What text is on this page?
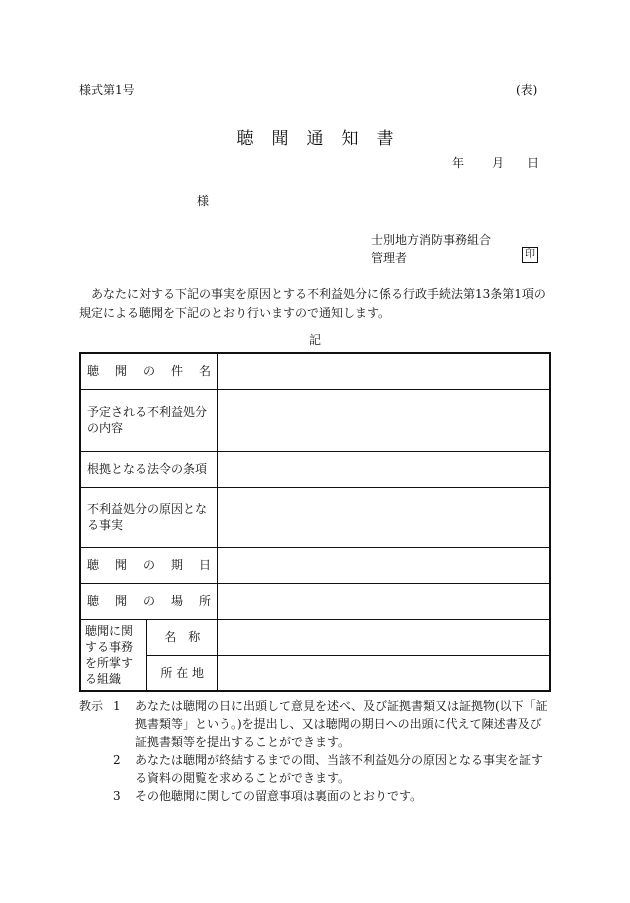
様式第1号	(表)
聴聞通知書
年 月 日
様
士別地方消防事務組合
管理者	印
あなたに対する下記の事実を原因とする不利益処分に係る行政手続法第13条第1項の規定による聴聞を下記のとおり行いますので通知します。
記
聴 聞 の 件 名		

予定される不利益処分の内容		
根拠となる法令の条項		
不利益処分の原因となる事実		

聴 聞 の 期 日		

聴 聞 の 場 所		

聴聞に関する事務を所掌する組織	名　称	
	所 在 地	
教示 1	あなたは聴聞の日に出頭して意見を述べ、及び証拠書類又は証拠物(以下「証拠書類等」という。)を提出し、又は聴聞の期日への出頭に代えて陳述書及び証拠書類等を提出することができます。
2	あなたは聴聞が終結するまでの間、当該不利益処分の原因となる事実を証する資料の閲覧を求めることができます。
3	その他聴聞に関しての留意事項は裏面のとおりです。
